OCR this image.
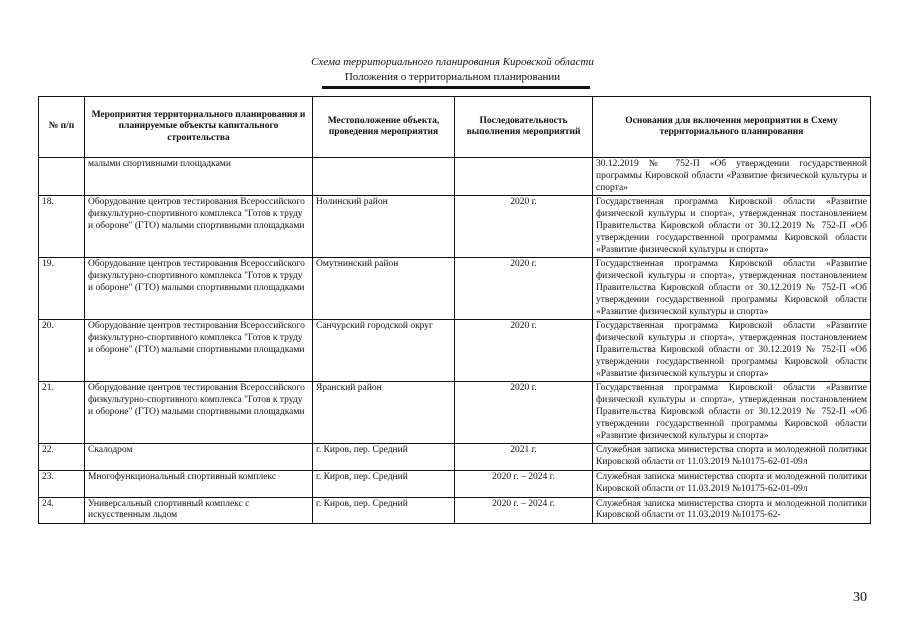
Схема территориального планирования Кировской области
Положения о территориальном планировании
№ п/п	Мероприятия территориального планирования и планируемые объекты капитального строительства	Местоположение объекта, проведения мероприятия	Последовательность выполнения мероприятий	Основания для включения мероприятия в Схему территориального планирования
	малыми спортивными площадками			30.12.2019 № 752-П «Об утверждении государственной программы Кировской области «Развитие физической культуры и спорта»
18.	Оборудование центров тестирования Всероссийского физкультурно-спортивного комплекса "Готов к труду и обороне" (ГТО) малыми спортивными площадками	Нолинский район	2020 г.	Государственная программа Кировской области «Развитие физической культуры и спорта», утвержденная постановлением Правительства Кировской области от 30.12.2019 № 752-П «Об утверждении государственной программы Кировской области «Развитие физической культуры и спорта»
19.	Оборудование центров тестирования Всероссийского физкультурно-спортивного комплекса "Готов к труду и обороне" (ГТО) малыми спортивными площадками	Омутнинский район	2020 г.	Государственная программа Кировской области «Развитие физической культуры и спорта», утвержденная постановлением Правительства Кировской области от 30.12.2019 № 752-П «Об утверждении государственной программы Кировской области «Развитие физической культуры и спорта»
20.	Оборудование центров тестирования Всероссийского физкультурно-спортивного комплекса "Готов к труду и обороне" (ГТО) малыми спортивными площадками	Санчурский городской округ	2020 г.	Государственная программа Кировской области «Развитие физической культуры и спорта», утвержденная постановлением Правительства Кировской области от 30.12.2019 № 752-П «Об утверждении государственной программы Кировской области «Развитие физической культуры и спорта»
21.	Оборудование центров тестирования Всероссийского физкультурно-спортивного комплекса "Готов к труду и обороне" (ГТО) малыми спортивными площадками	Яранский район	2020 г.	Государственная программа Кировской области «Развитие физической культуры и спорта», утвержденная постановлением Правительства Кировской области от 30.12.2019 № 752-П «Об утверждении государственной программы Кировской области «Развитие физической культуры и спорта»
22.	Скалодром	г. Киров, пер. Средний	2021 г.	Служебная записка министерства спорта и молодежной политики Кировской области от 11.03.2019 №10175-62-01-09л
23.	Многофункциональный спортивный комплекс	г. Киров, пер. Средний	2020 г. – 2024 г.	Служебная записка министерства спорта и молодежной политики Кировской области от 11.03.2019 №10175-62-01-09л
24.	Универсальный спортивный комплекс с искусственным льдом	г. Киров, пер. Средний	2020 г. – 2024 г.	Служебная записка министерства спорта и молодежной политики Кировской области от 11.03.2019 №10175-62-
30
